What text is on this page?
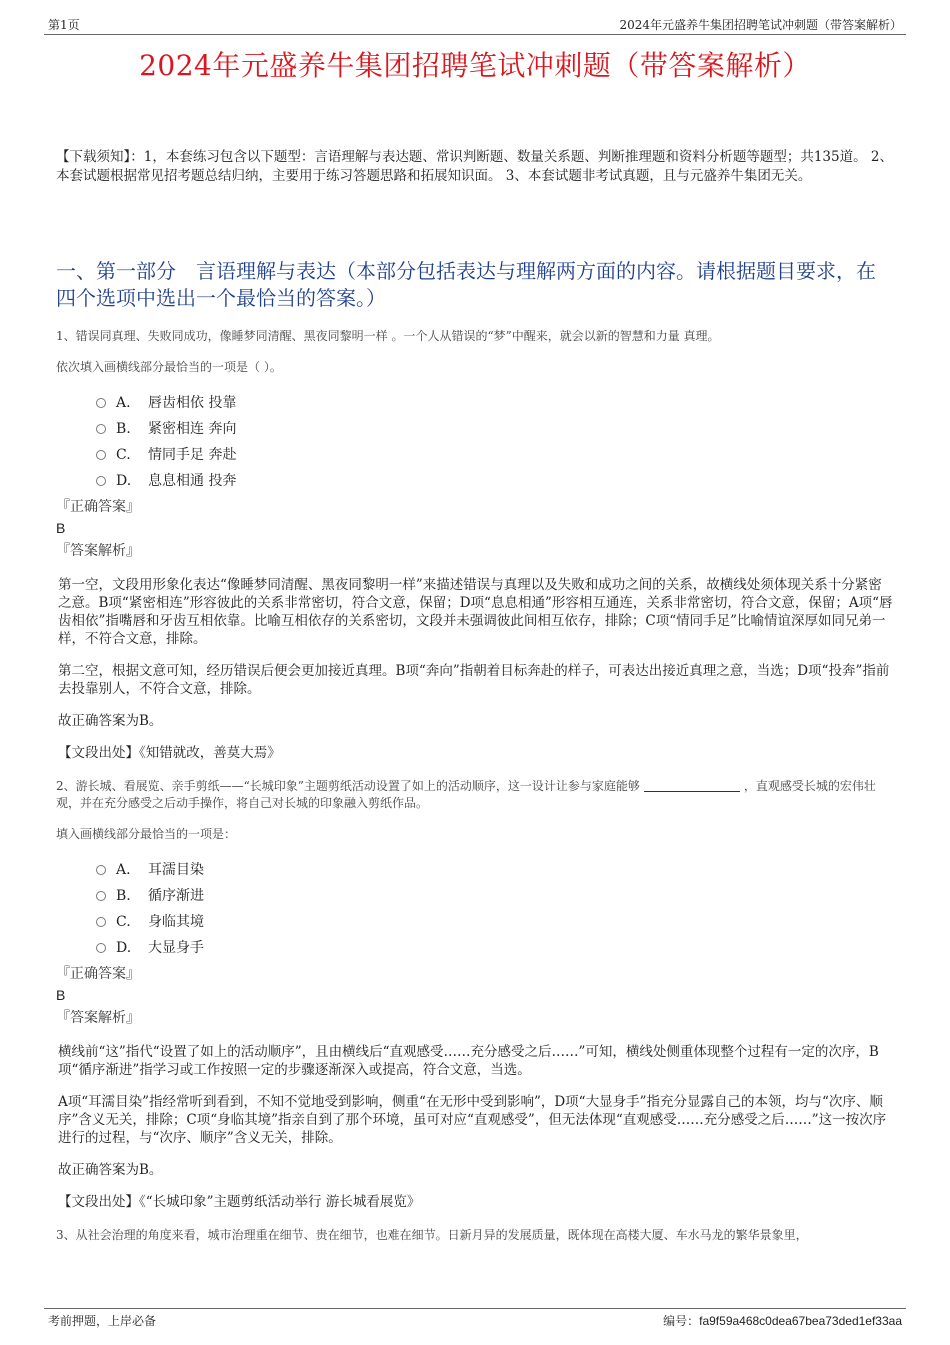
第1页	2024年元盛养牛集团招聘笔试冲刺题（带答案解析）
2024年元盛养牛集团招聘笔试冲刺题（带答案解析）

【下载须知】：1，本套练习包含以下题型：言语理解与表达题、常识判断题、数量关系题、判断推理题和资料分析题等题型；共135道。 2、本套试题根据常见招考题总结归纳，主要用于练习答题思路和拓展知识面。 3、本套试题非考试真题，且与元盛养牛集团无关。

一、第一部分　言语理解与表达（本部分包括表达与理解两方面的内容。请根据题目要求，在四个选项中选出一个最恰当的答案。）

1、错误同真理、失败同成功，像睡梦同清醒、黑夜同黎明一样 。一个人从错误的“梦”中醒来，就会以新的智慧和力量 真理。

依次填入画横线部分最恰当的一项是（ ）。

A. 唇齿相依 投靠
B. 紧密相连 奔向
C. 情同手足 奔赴
D. 息息相通 投奔

『正确答案』

B

『答案解析』

第一空，文段用形象化表达“像睡梦同清醒、黑夜同黎明一样”来描述错误与真理以及失败和成功之间的关系，故横线处须体现关系十分紧密之意。B项“紧密相连”形容彼此的关系非常密切，符合文意，保留；D项“息息相通”形容相互通连，关系非常密切，符合文意，保留；A项“唇齿相依”指嘴唇和牙齿互相依靠。比喻互相依存的关系密切，文段并未强调彼此间相互依存，排除；C项“情同手足”比喻情谊深厚如同兄弟一样，不符合文意，排除。

第二空，根据文意可知，经历错误后便会更加接近真理。B项“奔向”指朝着目标奔赴的样子，可表达出接近真理之意，当选；D项“投奔”指前去投靠别人，不符合文意，排除。

故正确答案为B。

【文段出处】《知错就改，善莫大焉》

2、游长城、看展览、亲手剪纸——“长城印象”主题剪纸活动设置了如上的活动顺序，这一设计让参与家庭能够	，直观感受长城的宏伟壮观，并在充分感受之后动手操作，将自己对长城的印象融入剪纸作品。

填入画横线部分最恰当的一项是：

A. 耳濡目染
B. 循序渐进
C. 身临其境
D. 大显身手

『正确答案』

B

『答案解析』

横线前“这”指代“设置了如上的活动顺序”，且由横线后“直观感受……充分感受之后……”可知，横线处侧重体现整个过程有一定的次序，B项“循序渐进”指学习或工作按照一定的步骤逐渐深入或提高，符合文意，当选。

A项“耳濡目染”指经常听到看到，不知不觉地受到影响，侧重“在无形中受到影响”，D项“大显身手”指充分显露自己的本领，均与“次序、顺序”含义无关，排除；C项“身临其境”指亲自到了那个环境，虽可对应“直观感受”，但无法体现“直观感受……充分感受之后……”这一按次序进行的过程，与“次序、顺序”含义无关，排除。

故正确答案为B。

【文段出处】《“长城印象”主题剪纸活动举行 游长城看展览》

3、从社会治理的角度来看，城市治理重在细节、贵在细节，也难在细节。日新月异的发展质量，既体现在高楼大厦、车水马龙的繁华景象里，

考前押题，上岸必备	编号：fa9f59a468c0dea67bea73ded1ef33aa
